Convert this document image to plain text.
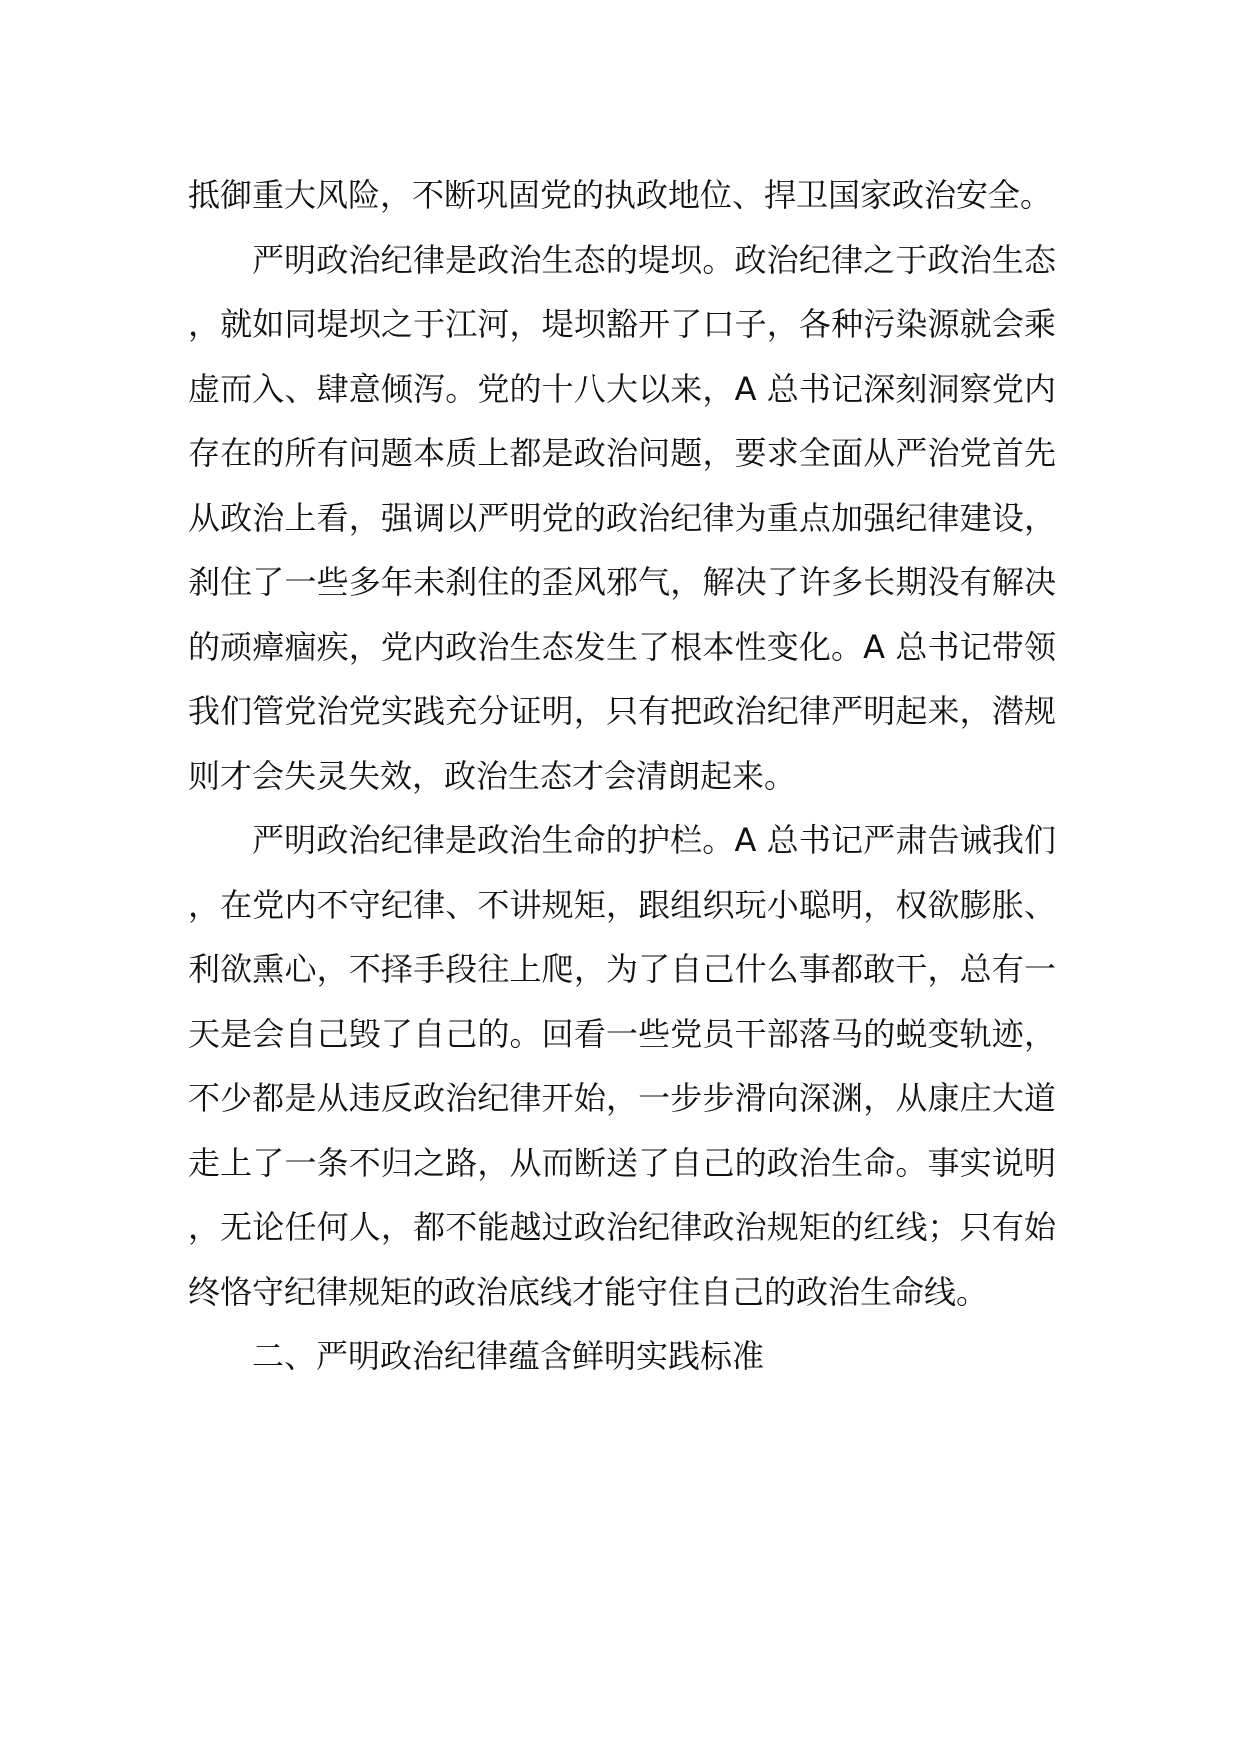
抵御重大风险，不断巩固党的执政地位、捍卫国家政治安全。

严明政治纪律是政治生态的堤坝。政治纪律之于政治生态，就如同堤坝之于江河，堤坝豁开了口子，各种污染源就会乘虚而入、肆意倾泻。党的十八大以来，A 总书记深刻洞察党内存在的所有问题本质上都是政治问题，要求全面从严治党首先从政治上看，强调以严明党的政治纪律为重点加强纪律建设，刹住了一些多年未刹住的歪风邪气，解决了许多长期没有解决的顽瘴痼疾，党内政治生态发生了根本性变化。A 总书记带领我们管党治党实践充分证明，只有把政治纪律严明起来，潜规则才会失灵失效，政治生态才会清朗起来。

严明政治纪律是政治生命的护栏。A 总书记严肃告诫我们，在党内不守纪律、不讲规矩，跟组织玩小聪明，权欲膨胀、利欲熏心，不择手段往上爬，为了自己什么事都敢干，总有一天是会自己毁了自己的。回看一些党员干部落马的蜕变轨迹，不少都是从违反政治纪律开始，一步步滑向深渊，从康庄大道走上了一条不归之路，从而断送了自己的政治生命。事实说明，无论任何人，都不能越过政治纪律政治规矩的红线；只有始终恪守纪律规矩的政治底线才能守住自己的政治生命线。

二、严明政治纪律蕴含鲜明实践标准
